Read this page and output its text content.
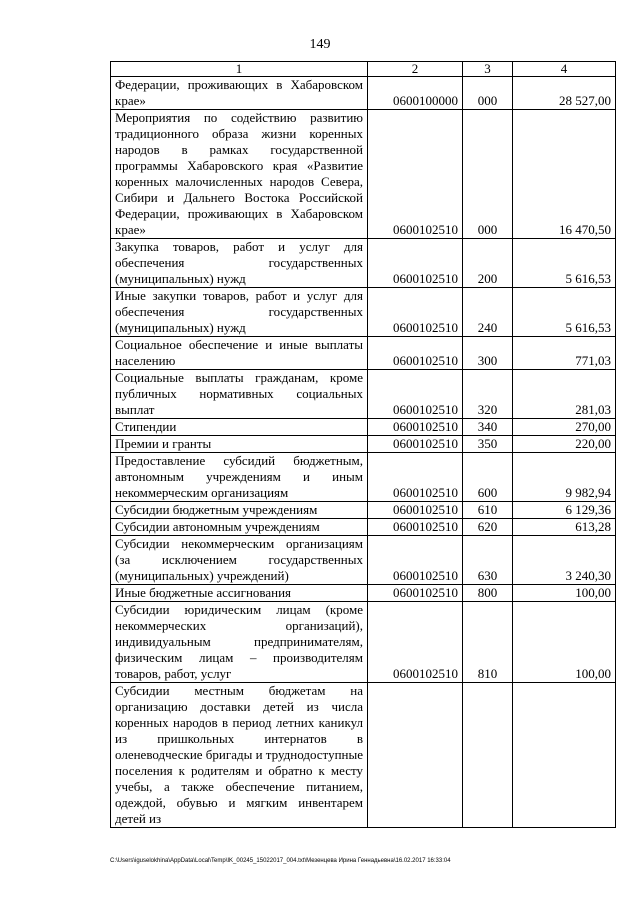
149
1	2	3	4
Федерации, проживающих в Хабаровском крае»	0600100000	000	28 527,00
Мероприятия по содействию развитию традиционного образа жизни коренных народов в рамках государственной программы Хабаровского края «Развитие коренных малочисленных народов Севера, Сибири и Дальнего Востока Российской Федерации, проживающих в Хабаровском крае»	0600102510	000	16 470,50
Закупка товаров, работ и услуг для обеспечения государственных (муниципальных) нужд	0600102510	200	5 616,53
Иные закупки товаров, работ и услуг для обеспечения государственных (муниципальных) нужд	0600102510	240	5 616,53
Социальное обеспечение и иные выплаты населению	0600102510	300	771,03
Социальные выплаты гражданам, кроме публичных нормативных социальных выплат	0600102510	320	281,03
Стипендии	0600102510	340	270,00
Премии и гранты	0600102510	350	220,00
Предоставление субсидий бюджетным, автономным учреждениям и иным некоммерческим организациям	0600102510	600	9 982,94
Субсидии бюджетным учреждениям	0600102510	610	6 129,36
Субсидии автономным учреждениям	0600102510	620	613,28
Субсидии некоммерческим организациям (за исключением государственных (муниципальных) учреждений)	0600102510	630	3 240,30
Иные бюджетные ассигнования	0600102510	800	100,00
Субсидии юридическим лицам (кроме некоммерческих организаций), индивидуальным предпринимателям, физическим лицам – производителям товаров, работ, услуг	0600102510	810	100,00
Субсидии местным бюджетам на организацию доставки детей из числа коренных народов в период летних каникул из пришкольных интернатов в оленеводческие бригады и труднодоступные поселения к родителям и обратно к месту учебы, а также обеспечение питанием, одеждой, обувью и мягким инвентарем детей из			
C:\Users\iguselokhina\AppData\Local\Temp\IK_00245_15022017_004.txt\Мезенцева Ирина Геннадьевна\16.02.2017 16:33:04
